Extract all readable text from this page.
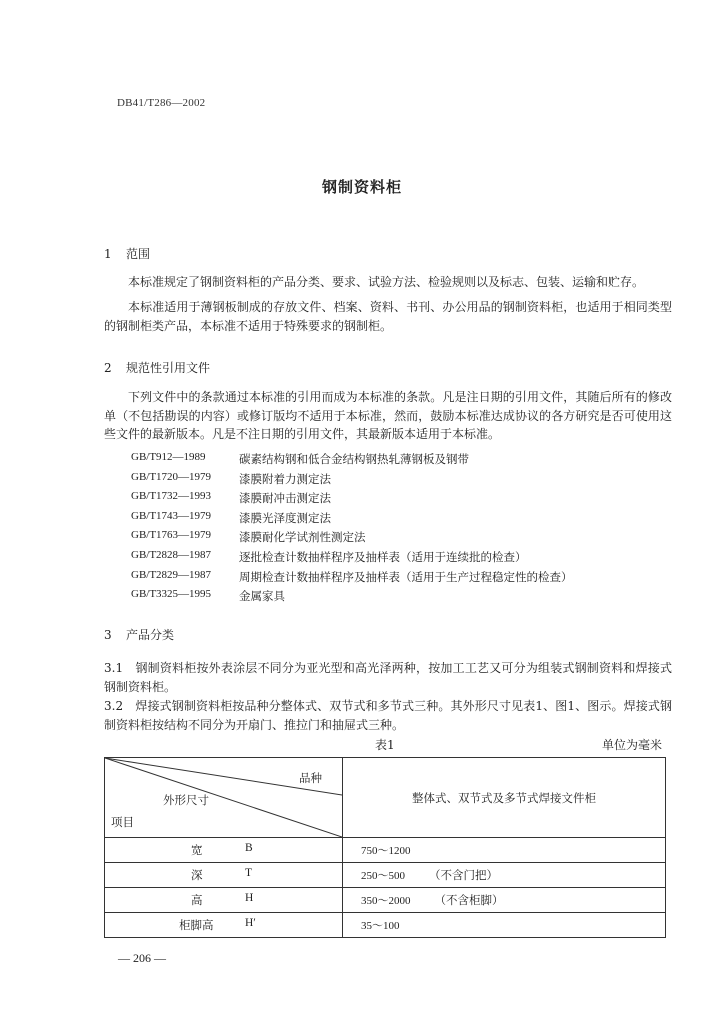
DB41/T286—2002
钢制资料柜
1 范围
本标准规定了钢制资料柜的产品分类、要求、试验方法、检验规则以及标志、包装、运输和贮存。
本标准适用于薄钢板制成的存放文件、档案、资料、书刊、办公用品的钢制资料柜，也适用于相同类型的钢制柜类产品，本标准不适用于特殊要求的钢制柜。
2 规范性引用文件
下列文件中的条款通过本标准的引用而成为本标准的条款。凡是注日期的引用文件，其随后所有的修改单（不包括勘误的内容）或修订版均不适用于本标准，然而，鼓励本标准达成协议的各方研究是否可使用这些文件的最新版本。凡是不注日期的引用文件，其最新版本适用于本标准。
GB/T912—1989	碳素结构钢和低合金结构钢热轧薄钢板及钢带
GB/T1720—1979	漆膜附着力测定法
GB/T1732—1993	漆膜耐冲击测定法
GB/T1743—1979	漆膜光泽度测定法
GB/T1763—1979	漆膜耐化学试剂性测定法
GB/T2828—1987	逐批检查计数抽样程序及抽样表（适用于连续批的检查）
GB/T2829—1987	周期检查计数抽样程序及抽样表（适用于生产过程稳定性的检查）
GB/T3325—1995	金属家具
3 产品分类
3.1　钢制资料柜按外表涂层不同分为亚光型和高光泽两种，按加工工艺又可分为组装式钢制资料和焊接式钢制资料柜。
3.2　焊接式钢制资料柜按品种分整体式、双节式和多节式三种。其外形尺寸见表1、图1、图示。焊接式钢制资料柜按结构不同分为开扇门、推拉门和抽屉式三种。
表1	单位为毫米
品种
外形尺寸
项目	整体式、双节式及多节式焊接文件柜

宽 B	750～1200

深 T	250～500 （不含门把）

高 H	350～2000 （不含柜脚）

柜脚高 H′	35～100
— 206 —
